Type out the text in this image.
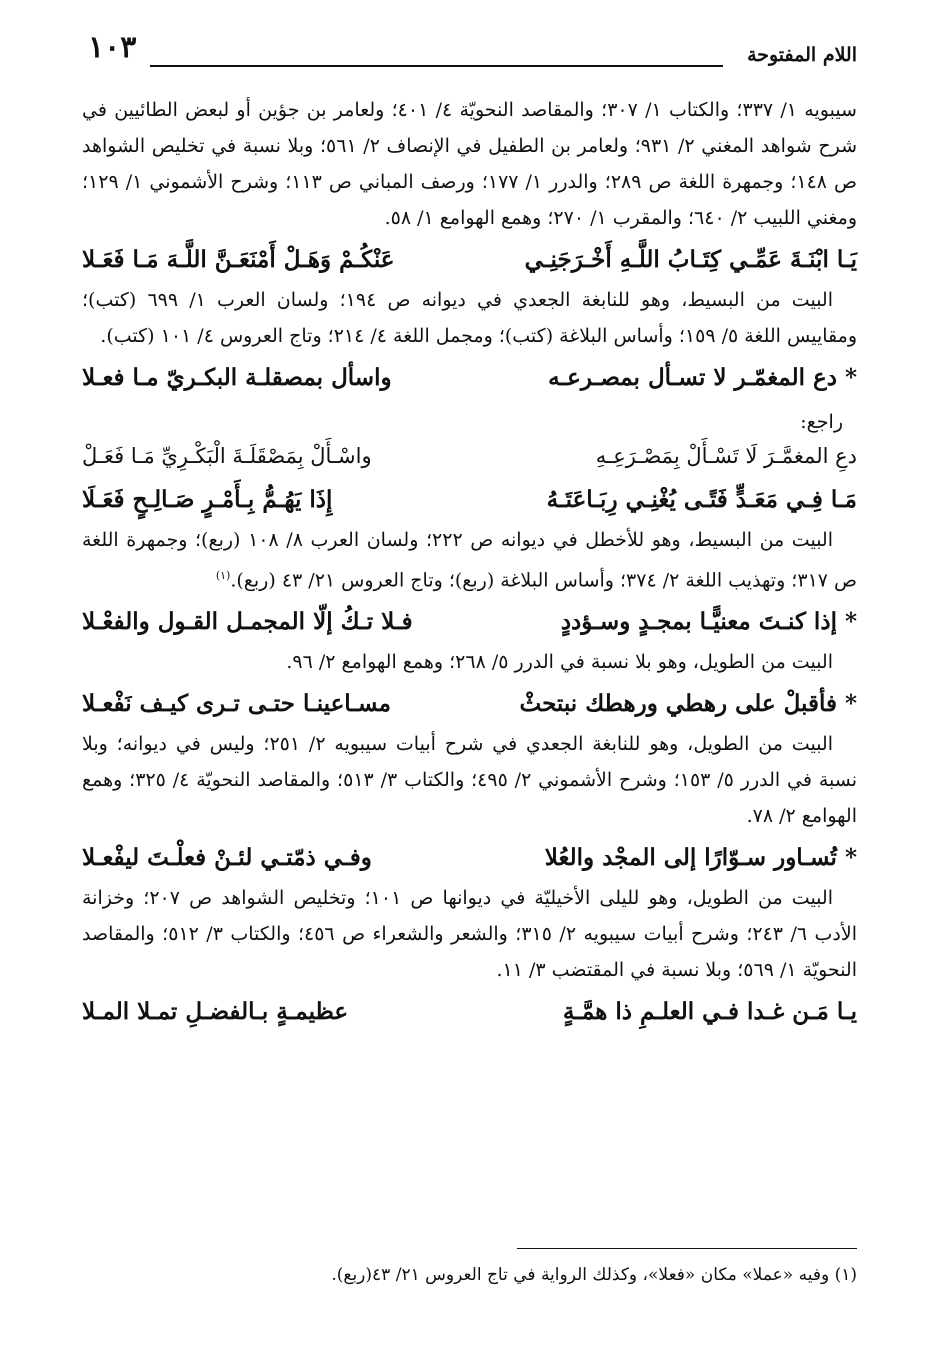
اللام المفتوحة
١٠٣

سيبويه ١/ ٣٣٧؛ والكتاب ١/ ٣٠٧؛ والمقاصد النحويّة ٤/ ٤٠١؛ ولعامر بن جؤين أو لبعض الطائيين في شرح شواهد المغني ٢/ ٩٣١؛ ولعامر بن الطفيل في الإنصاف ٢/ ٥٦١؛ وبلا نسبة في تخليص الشواهد ص ١٤٨؛ وجمهرة اللغة ص ٢٨٩؛ والدرر ١/ ١٧٧؛ ورصف المباني ص ١١٣؛ وشرح الأشموني ١/ ١٢٩؛ ومغني اللبيب ٢/ ٦٤٠؛ والمقرب ١/ ٢٧٠؛ وهمع الهوامع ١/ ٥٨.

يَـا ابْنَـةَ عَمِّـي كِتَـابُ اللَّـهِ أَخْـرَجَنِـي
عَنْكُـمْ وَهَـلْ أَمْنَعَـنَّ اللَّـهَ مَـا فَعَـلا

البيت من البسيط، وهو للنابغة الجعدي في ديوانه ص ١٩٤؛ ولسان العرب ١/ ٦٩٩ (كتب)؛ ومقاييس اللغة ٥/ ١٥٩؛ وأساس البلاغة (كتب)؛ ومجمل اللغة ٤/ ٢١٤؛ وتاج العروس ٤/ ١٠١ (كتب).

* دع المغمّـر لا تسـأل بمصـرعـه
واسأل بمصقلـة البكـريّ مـا فعـلا
راجع:
دعِ المغمَّـرَ لَا تَسْـأَلْ بِمَصْـرَعِـهِ
واسْـأَلْ بِمَصْقَلَـةَ الْبَكْـرِيِّ مَـا فَعَـلْ
مَـا فِـي مَعَـدٍّ فَتًـى يُغْنِـي رِبَـاعَتَـهُ
إِذَا يَهُـمُّ بِـأَمْـرٍ صَـالِـحٍ فَعَـلَا

البيت من البسيط، وهو للأخطل في ديوانه ص ٢٢٢؛ ولسان العرب ٨/ ١٠٨ (ربع)؛ وجمهرة اللغة ص ٣١٧؛ وتهذيب اللغة ٢/ ٣٧٤؛ وأساس البلاغة (ربع)؛ وتاج العروس ٢١/ ٤٣ (ربع).$^{(١)}$

* إذا كنـتَ معنيًّـا بمجـدٍ وسـؤددٍ
فـلا تـكُ إلّا المجمـل القـول والفعْـلا

البيت من الطويل، وهو بلا نسبة في الدرر ٥/ ٢٦٨؛ وهمع الهوامع ٢/ ٩٦.

* فأقبلْ على رهطي ورهطك نبتحثْ
مسـاعينـا حتـى تـرى كيـف نَفْعـلا

البيت من الطويل، وهو للنابغة الجعدي في شرح أبيات سيبويه ٢/ ٢٥١؛ وليس في ديوانه؛ وبلا نسبة في الدرر ٥/ ١٥٣؛ وشرح الأشموني ٢/ ٤٩٥؛ والكتاب ٣/ ٥١٣؛ والمقاصد النحويّة ٤/ ٣٢٥؛ وهمع الهوامع ٢/ ٧٨.

* تُسـاور سـوّارًا إلى المجْد والعُلا
وفـي ذمّتـي لئـنْ فعلْـتَ ليفْعـلا

البيت من الطويل، وهو لليلى الأخيليّة في ديوانها ص ١٠١؛ وتخليص الشواهد ص ٢٠٧؛ وخزانة الأدب ٦/ ٢٤٣؛ وشرح أبيات سيبويه ٢/ ٣١٥؛ والشعر والشعراء ص ٤٥٦؛ والكتاب ٣/ ٥١٢؛ والمقاصد النحويّة ١/ ٥٦٩؛ وبلا نسبة في المقتضب ٣/ ١١.

يـا مَـن غـدا فـي العلـمِ ذا همَّـةٍ
عظيمـةٍ بـالفضـلِ تمـلا المـلا
(١) وفيه «عملا» مكان «فعلا»، وكذلك الرواية في تاج العروس ٢١/ ٤٣(ربع).
